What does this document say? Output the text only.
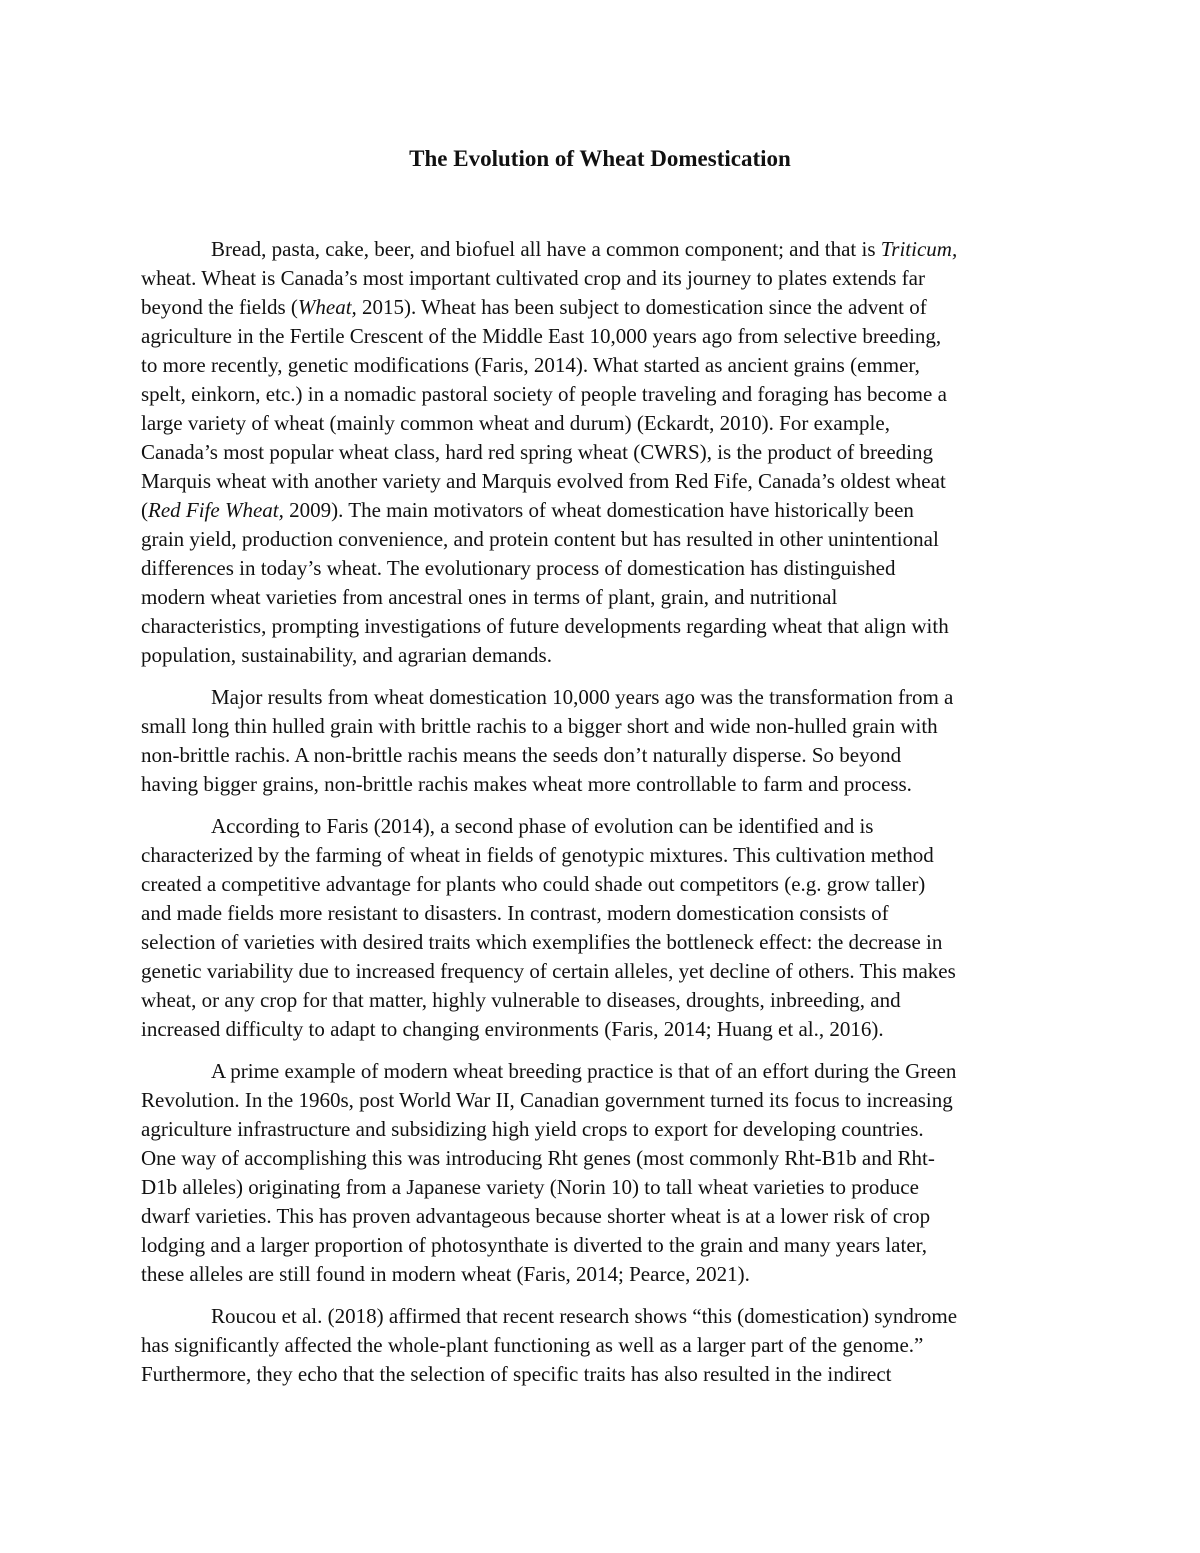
The Evolution of Wheat Domestication

Bread, pasta, cake, beer, and biofuel all have a common component; and that is Triticum,
wheat. Wheat is Canada’s most important cultivated crop and its journey to plates extends far
beyond the fields (Wheat, 2015). Wheat has been subject to domestication since the advent of
agriculture in the Fertile Crescent of the Middle East 10,000 years ago from selective breeding,
to more recently, genetic modifications (Faris, 2014). What started as ancient grains (emmer,
spelt, einkorn, etc.) in a nomadic pastoral society of people traveling and foraging has become a
large variety of wheat (mainly common wheat and durum) (Eckardt, 2010). For example,
Canada’s most popular wheat class, hard red spring wheat (CWRS), is the product of breeding
Marquis wheat with another variety and Marquis evolved from Red Fife, Canada’s oldest wheat
(Red Fife Wheat, 2009). The main motivators of wheat domestication have historically been
grain yield, production convenience, and protein content but has resulted in other unintentional
differences in today’s wheat. The evolutionary process of domestication has distinguished
modern wheat varieties from ancestral ones in terms of plant, grain, and nutritional
characteristics, prompting investigations of future developments regarding wheat that align with
population, sustainability, and agrarian demands.

Major results from wheat domestication 10,000 years ago was the transformation from a
small long thin hulled grain with brittle rachis to a bigger short and wide non-hulled grain with
non-brittle rachis. A non-brittle rachis means the seeds don’t naturally disperse. So beyond
having bigger grains, non-brittle rachis makes wheat more controllable to farm and process.

According to Faris (2014), a second phase of evolution can be identified and is
characterized by the farming of wheat in fields of genotypic mixtures. This cultivation method
created a competitive advantage for plants who could shade out competitors (e.g. grow taller)
and made fields more resistant to disasters. In contrast, modern domestication consists of
selection of varieties with desired traits which exemplifies the bottleneck effect: the decrease in
genetic variability due to increased frequency of certain alleles, yet decline of others. This makes
wheat, or any crop for that matter, highly vulnerable to diseases, droughts, inbreeding, and
increased difficulty to adapt to changing environments (Faris, 2014; Huang et al., 2016).

A prime example of modern wheat breeding practice is that of an effort during the Green
Revolution. In the 1960s, post World War II, Canadian government turned its focus to increasing
agriculture infrastructure and subsidizing high yield crops to export for developing countries.
One way of accomplishing this was introducing Rht genes (most commonly Rht-B1b and Rht-
D1b alleles) originating from a Japanese variety (Norin 10) to tall wheat varieties to produce
dwarf varieties. This has proven advantageous because shorter wheat is at a lower risk of crop
lodging and a larger proportion of photosynthate is diverted to the grain and many years later,
these alleles are still found in modern wheat (Faris, 2014; Pearce, 2021).

Roucou et al. (2018) affirmed that recent research shows “this (domestication) syndrome
has significantly affected the whole-plant functioning as well as a larger part of the genome.”
Furthermore, they echo that the selection of specific traits has also resulted in the indirect
